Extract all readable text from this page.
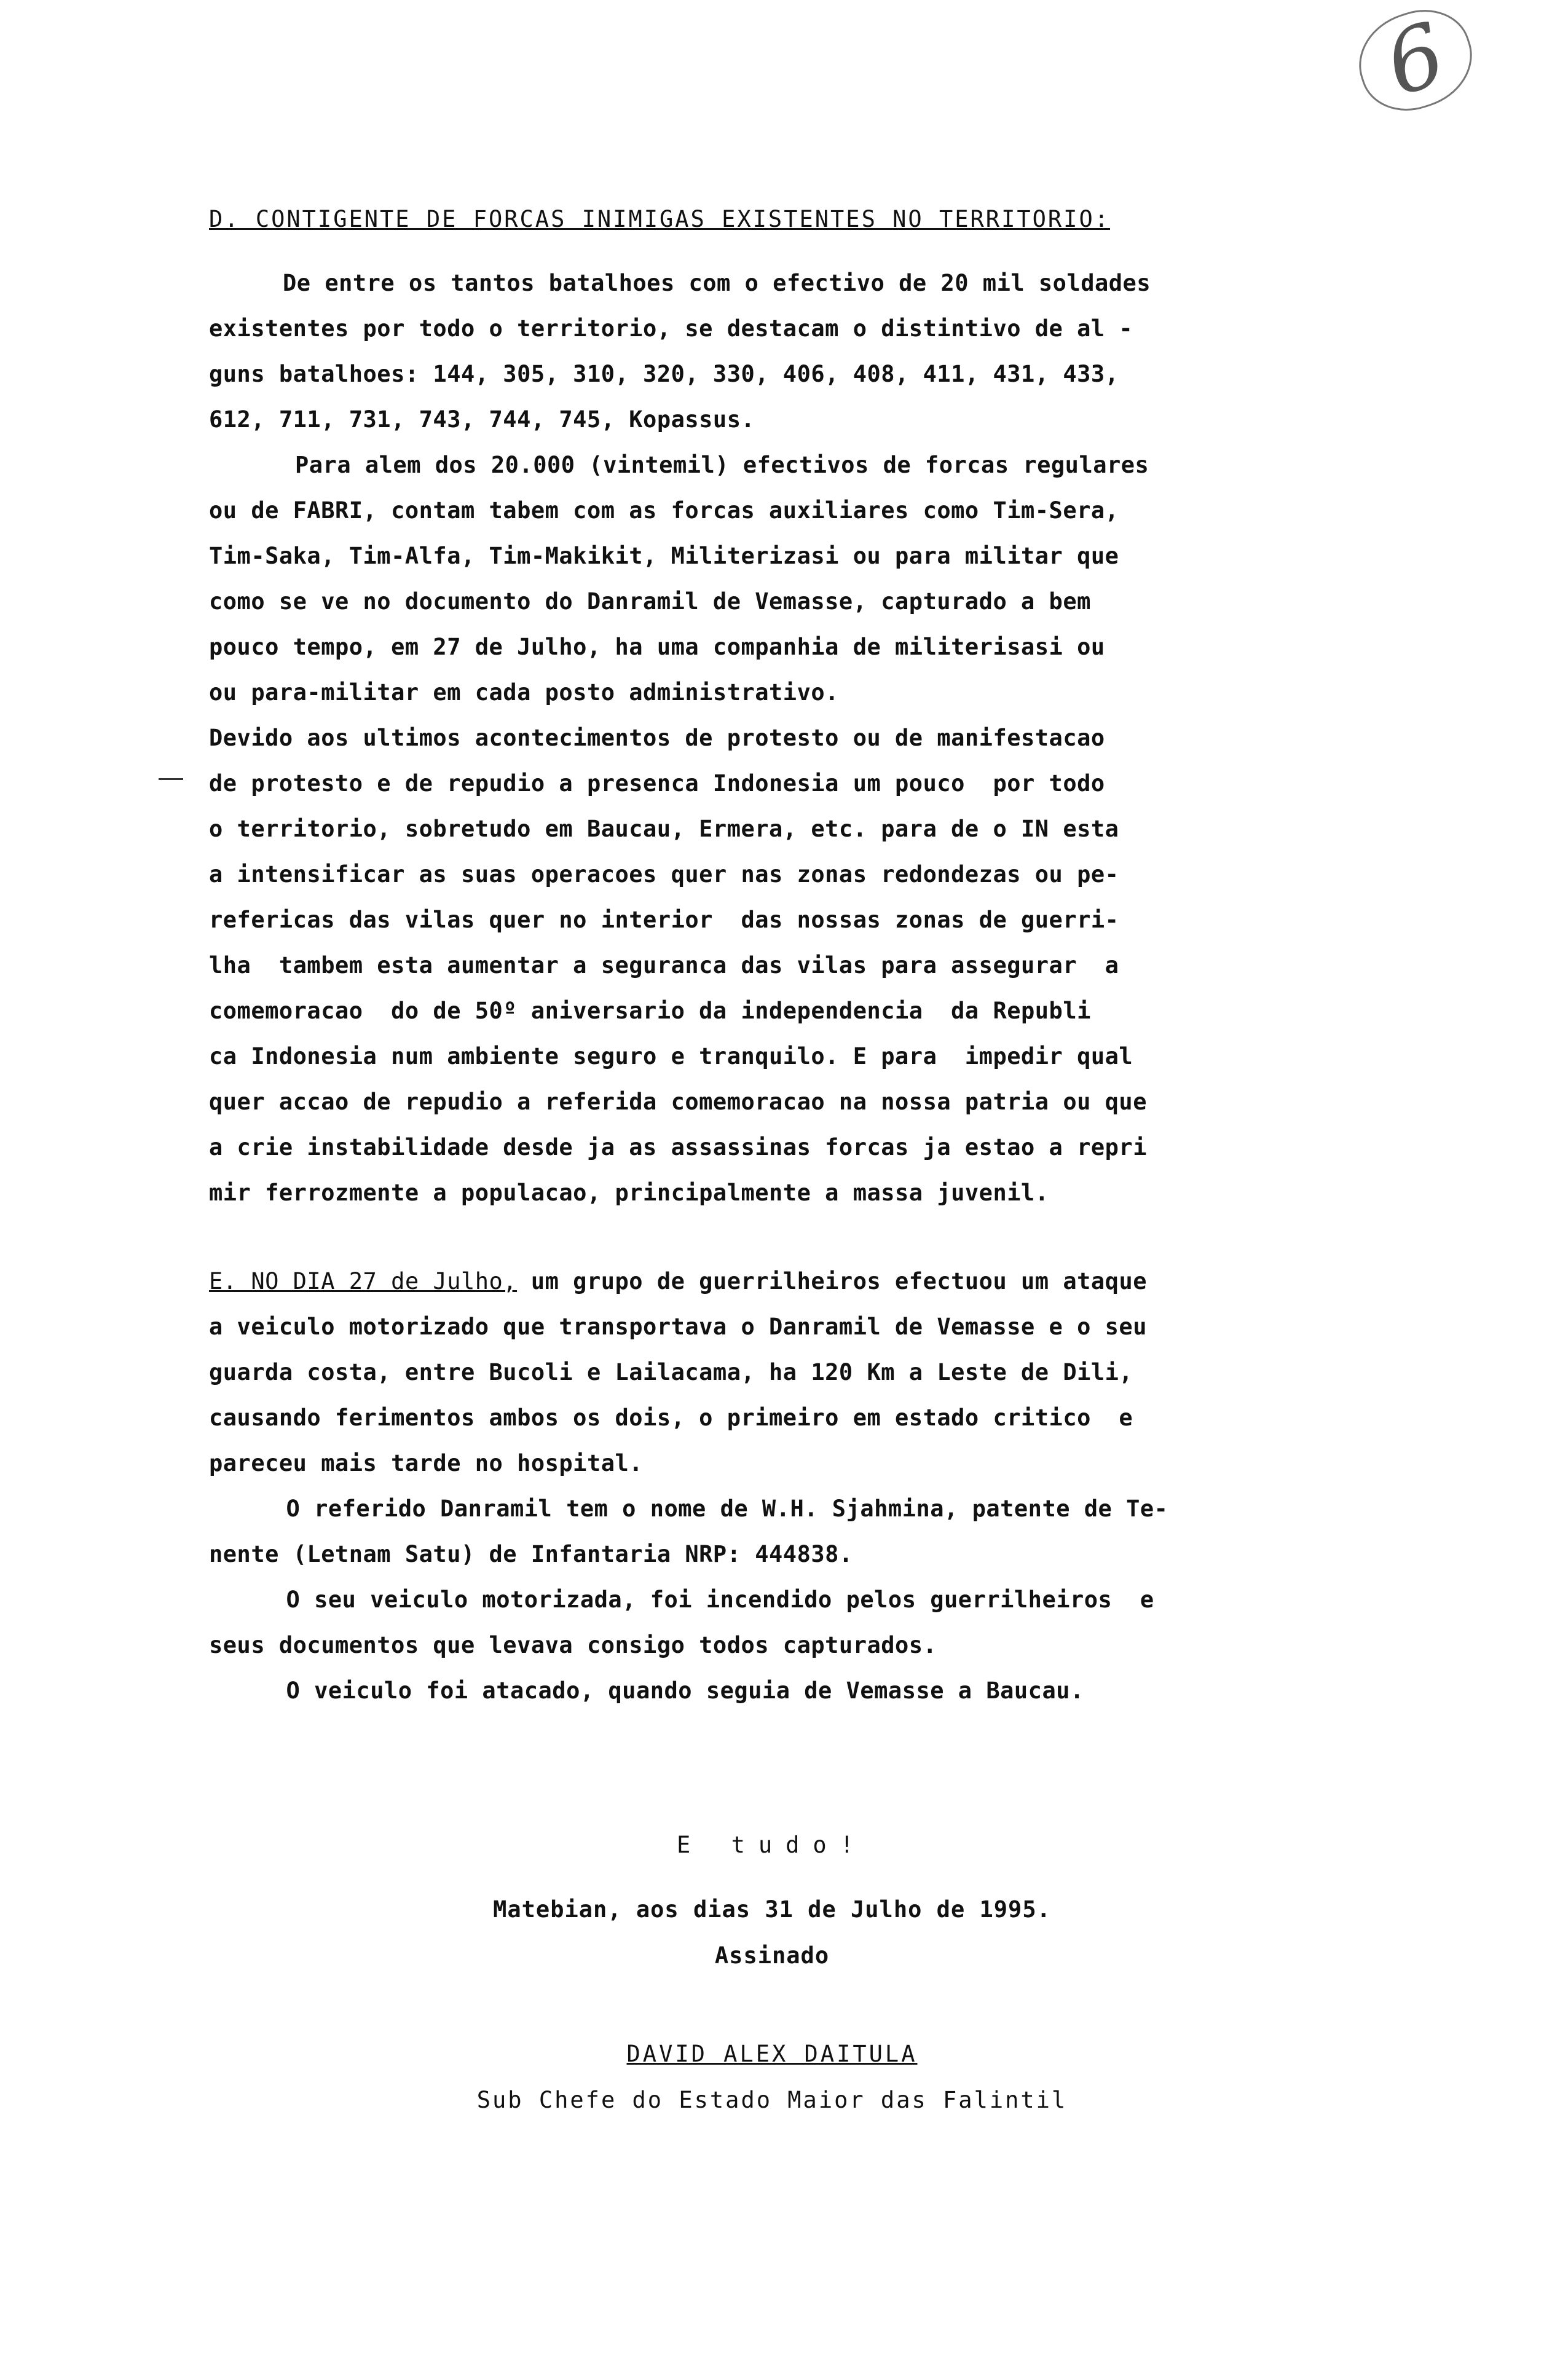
6
D. CONTIGENTE DE FORCAS INIMIGAS EXISTENTES NO TERRITORIO:
De entre os tantos batalhoes com o efectivo de 20 mil soldades
existentes por todo o territorio, se destacam o distintivo de al -
guns batalhoes: 144, 305, 310, 320, 330, 406, 408, 411, 431, 433,
612, 711, 731, 743, 744, 745, Kopassus.
Para alem dos 20.000 (vintemil) efectivos de forcas regulares
ou de FABRI, contam tabem com as forcas auxiliares como Tim-Sera,
Tim-Saka, Tim-Alfa, Tim-Makikit, Militerizasi ou para militar que
como se ve no documento do Danramil de Vemasse, capturado a bem
pouco tempo, em 27 de Julho, ha uma companhia de militerisasi ou
ou para-militar em cada posto administrativo.
Devido aos ultimos acontecimentos de protesto ou de manifestacao
de protesto e de repudio a presenca Indonesia um pouco  por todo
o territorio, sobretudo em Baucau, Ermera, etc. para de o IN esta
a intensificar as suas operacoes quer nas zonas redondezas ou pe-
refericas das vilas quer no interior  das nossas zonas de guerri-
lha  tambem esta aumentar a seguranca das vilas para assegurar  a
comemoracao  do de 50º aniversario da independencia  da Republi
ca Indonesia num ambiente seguro e tranquilo. E para  impedir qual
quer accao de repudio a referida comemoracao na nossa patria ou que
a crie instabilidade desde ja as assassinas forcas ja estao a repri
mir ferrozmente a populacao, principalmente a massa juvenil.
E. NO DIA 27 de Julho, um grupo de guerrilheiros efectuou um ataque
a veiculo motorizado que transportava o Danramil de Vemasse e o seu
guarda costa, entre Bucoli e Lailacama, ha 120 Km a Leste de Dili,
causando ferimentos ambos os dois, o primeiro em estado critico  e
pareceu mais tarde no hospital.
O referido Danramil tem o nome de W.H. Sjahmina, patente de Te-
nente (Letnam Satu) de Infantaria NRP: 444838.
O seu veiculo motorizada, foi incendido pelos guerrilheiros  e
seus documentos que levava consigo todos capturados.
O veiculo foi atacado, quando seguia de Vemasse a Baucau.
E tudo!
Matebian, aos dias 31 de Julho de 1995.
Assinado
DAVID ALEX DAITULA
Sub Chefe do Estado Maior das Falintil
